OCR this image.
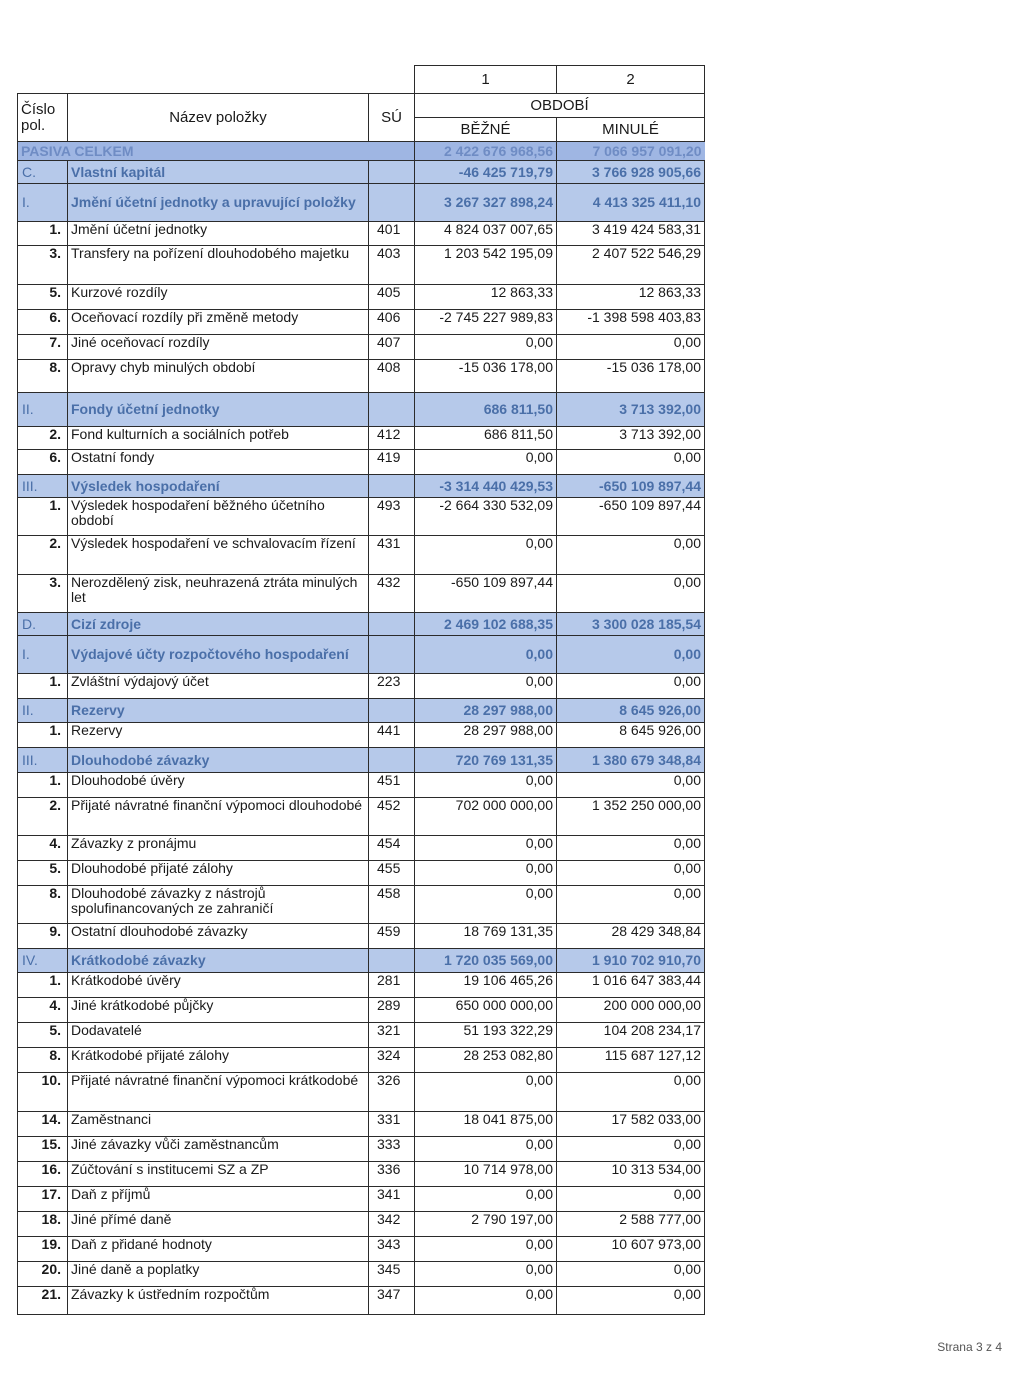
			1	2
Číslo pol.	Název položky	SÚ	OBDOBÍ	
			BĚŽNÉ	MINULÉ
PASIVA CELKEM			2 422 676 968,56	7 066 957 091,20
C.	Vlastní kapitál		-46 425 719,79	3 766 928 905,66
I.	Jmění účetní jednotky a upravující položky		3 267 327 898,24	4 413 325 411,10
1.	Jmění účetní jednotky	401	4 824 037 007,65	3 419 424 583,31
3.	Transfery na pořízení dlouhodobého majetku	403	1 203 542 195,09	2 407 522 546,29
5.	Kurzové rozdíly	405	12 863,33	12 863,33
6.	Oceňovací rozdíly při změně metody	406	-2 745 227 989,83	-1 398 598 403,83
7.	Jiné oceňovací rozdíly	407	0,00	0,00
8.	Opravy chyb minulých období	408	-15 036 178,00	-15 036 178,00
II.	Fondy účetní jednotky		686 811,50	3 713 392,00
2.	Fond kulturních a sociálních potřeb	412	686 811,50	3 713 392,00
6.	Ostatní fondy	419	0,00	0,00
III.	Výsledek hospodaření		-3 314 440 429,53	-650 109 897,44
1.	Výsledek hospodaření běžného účetního období	493	-2 664 330 532,09	-650 109 897,44
2.	Výsledek hospodaření ve schvalovacím řízení	431	0,00	0,00
3.	Nerozdělený zisk, neuhrazená ztráta minulých let	432	-650 109 897,44	0,00
D.	Cizí zdroje		2 469 102 688,35	3 300 028 185,54
I.	Výdajové účty rozpočtového hospodaření		0,00	0,00
1.	Zvláštní výdajový účet	223	0,00	0,00
II.	Rezervy		28 297 988,00	8 645 926,00
1.	Rezervy	441	28 297 988,00	8 645 926,00
III.	Dlouhodobé závazky		720 769 131,35	1 380 679 348,84
1.	Dlouhodobé úvěry	451	0,00	0,00
2.	Přijaté návratné finanční výpomoci dlouhodobé	452	702 000 000,00	1 352 250 000,00
4.	Závazky z pronájmu	454	0,00	0,00
5.	Dlouhodobé přijaté zálohy	455	0,00	0,00
8.	Dlouhodobé závazky z nástrojů spolufinancovaných ze zahraničí	458	0,00	0,00
9.	Ostatní dlouhodobé závazky	459	18 769 131,35	28 429 348,84
IV.	Krátkodobé závazky		1 720 035 569,00	1 910 702 910,70
1.	Krátkodobé úvěry	281	19 106 465,26	1 016 647 383,44
4.	Jiné krátkodobé půjčky	289	650 000 000,00	200 000 000,00
5.	Dodavatelé	321	51 193 322,29	104 208 234,17
8.	Krátkodobé přijaté zálohy	324	28 253 082,80	115 687 127,12
10.	Přijaté návratné finanční výpomoci krátkodobé	326	0,00	0,00
14.	Zaměstnanci	331	18 041 875,00	17 582 033,00
15.	Jiné závazky vůči zaměstnancům	333	0,00	0,00
16.	Zúčtování s institucemi SZ a ZP	336	10 714 978,00	10 313 534,00
17.	Daň z příjmů	341	0,00	0,00
18.	Jiné přímé daně	342	2 790 197,00	2 588 777,00
19.	Daň z přidané hodnoty	343	0,00	10 607 973,00
20.	Jiné daně a poplatky	345	0,00	0,00
21.	Závazky k ústředním rozpočtům	347	0,00	0,00
Strana 3 z 4
